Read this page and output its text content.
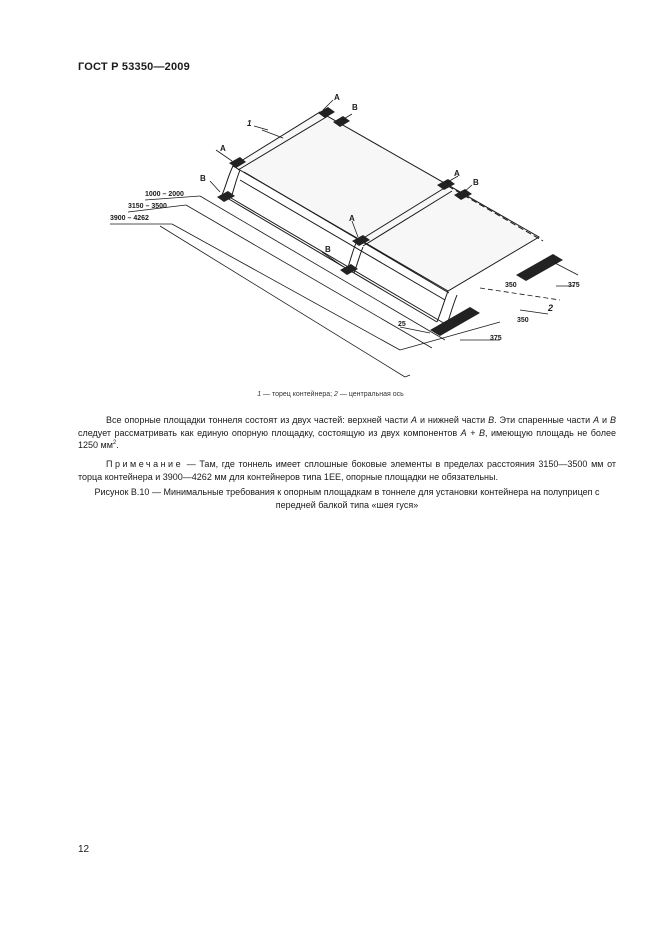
ГОСТ Р 53350—2009
A
B
1
A
B
A
B
A
B
2
1000 – 2000
3150 – 3500
3900 – 4262
25
375
350
350	375
1 — торец контейнера; 2 — центральная ось
Все опорные площадки тоннеля состоят из двух частей: верхней части A и нижней части B. Эти спаренные части A и B следует рассматривать как единую опорную площадку, состоящую из двух компонентов A + B, имеющую площадь не более 1250 $мм^2$.
Примечание — Там, где тоннель имеет сплошные боковые элементы в пределах расстояния 3150—3500 мм от торца контейнера и 3900—4262 мм для контейнеров типа 1EE, опорные площадки не обязательны.
Рисунок B.10 — Минимальные требования к опорным площадкам в тоннеле для установки контейнера на полуприцеп с передней балкой типа «шея гуся»
12
